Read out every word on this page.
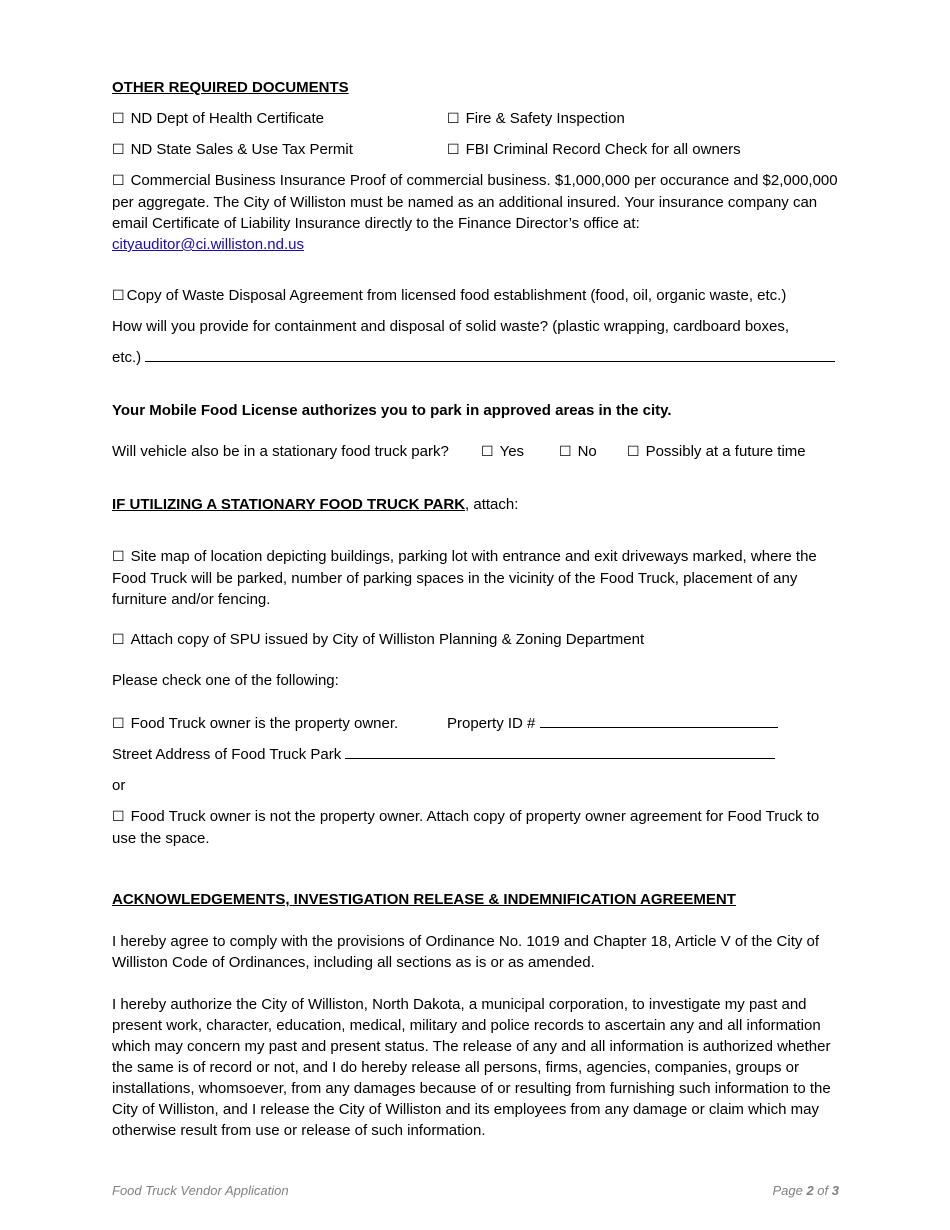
OTHER REQUIRED DOCUMENTS
☐ ND Dept of Health Certificate	☐ Fire & Safety Inspection
☐ ND State Sales & Use Tax Permit	☐ FBI Criminal Record Check for all owners
☐ Commercial Business Insurance Proof of commercial business. $1,000,000 per occurance and $2,000,000 per aggregate. The City of Williston must be named as an additional insured. Your insurance company can email Certificate of Liability Insurance directly to the Finance Director’s office at:
cityauditor@ci.williston.nd.us
☐ Copy of Waste Disposal Agreement from licensed food establishment (food, oil, organic waste, etc.)
How will you provide for containment and disposal of solid waste? (plastic wrapping, cardboard boxes,
etc.)
Your Mobile Food License authorizes you to park in approved areas in the city.
Will vehicle also be in a stationary food truck park? ☐ Yes ☐ No ☐ Possibly at a future time
IF UTILIZING A STATIONARY FOOD TRUCK PARK, attach:
☐ Site map of location depicting buildings, parking lot with entrance and exit driveways marked, where the Food Truck will be parked, number of parking spaces in the vicinity of the Food Truck, placement of any furniture and/or fencing.
☐ Attach copy of SPU issued by City of Williston Planning & Zoning Department
Please check one of the following:
☐ Food Truck owner is the property owner.	Property ID #
Street Address of Food Truck Park
or
☐ Food Truck owner is not the property owner. Attach copy of property owner agreement for Food Truck to use the space.
ACKNOWLEDGEMENTS, INVESTIGATION RELEASE & INDEMNIFICATION AGREEMENT
I hereby agree to comply with the provisions of Ordinance No. 1019 and Chapter 18, Article V of the City of Williston Code of Ordinances, including all sections as is or as amended.
I hereby authorize the City of Williston, North Dakota, a municipal corporation, to investigate my past and present work, character, education, medical, military and police records to ascertain any and all information which may concern my past and present status. The release of any and all information is authorized whether the same is of record or not, and I do hereby release all persons, firms, agencies, companies, groups or installations, whomsoever, from any damages because of or resulting from furnishing such information to the City of Williston, and I release the City of Williston and its employees from any damage or claim which may otherwise result from use or release of such information.
Food Truck Vendor Application	Page 2 of 3
